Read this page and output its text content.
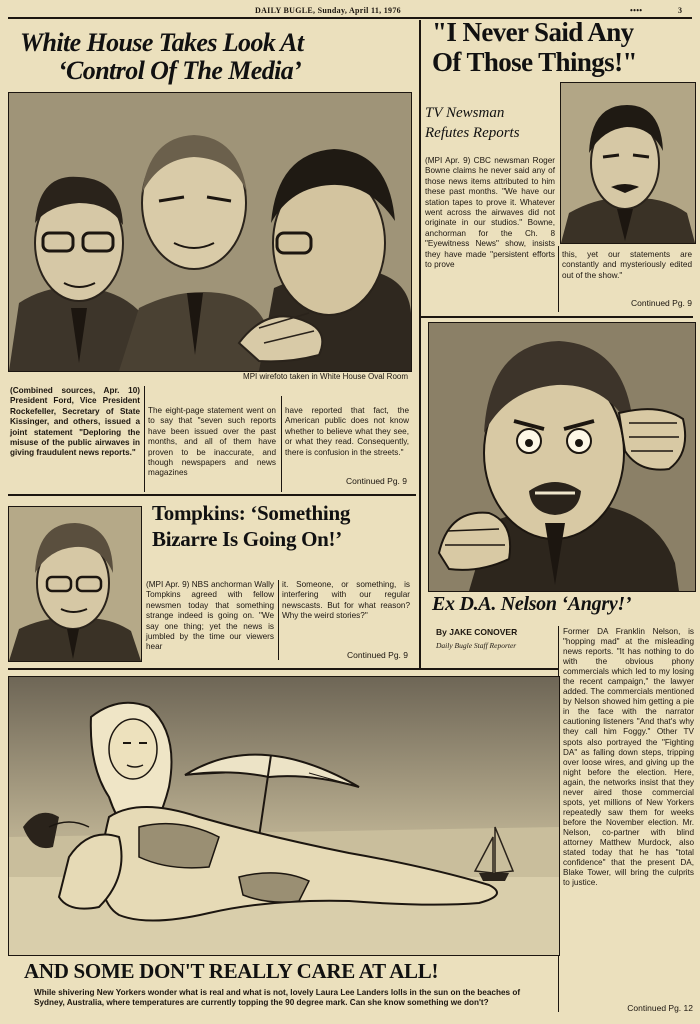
DAILY BUGLE, Sunday, April 11, 1976	••••	3
White House Takes Look At
‘Control Of The Media’
MPI wirefoto taken in White House Oval Room
(Combined sources, Apr. 10) President Ford, Vice President Rockefeller, Secretary of State Kissinger, and others, issued a joint statement "Deploring the misuse of the public airwaves in giving fraudulent news reports."
The eight-page statement went on to say that "seven such reports have been issued over the past months, and all of them have proven to be inaccurate, and though newspapers and news magazines
have reported that fact, the American public does not know whether to believe what they see, or what they read. Consequently, there is confusion in the streets."
Continued Pg. 9
"I Never Said Any
Of Those Things!"
TV Newsman
Refutes Reports
(MPI Apr. 9) CBC newsman Roger Bowne claims he never said any of those news items attributed to him these past months. "We have our station tapes to prove it. Whatever went across the airwaves did not originate in our studios." Bowne, anchorman for the Ch. 8 "Eyewitness News" show, insists they have made "persistent efforts to prove
this, yet our statements are constantly and mysteriously edited out of the show."
Continued Pg. 9
Ex D.A. Nelson ‘Angry!’
By JAKE CONOVER
Daily Bugle Staff Reporter
Former DA Franklin Nelson, is "hopping mad" at the misleading news reports. "It has nothing to do with the obvious phony commercials which led to my losing the recent campaign," the lawyer added. The commercials mentioned by Nelson showed him getting a pie in the face with the narrator cautioning listeners "And that's why they call him Foggy." Other TV spots also portrayed the "Fighting DA" as falling down steps, tripping over loose wires, and giving up the night before the election. Here, again, the networks insist that they never aired those commercial spots, yet millions of New Yorkers repeatedly saw them for weeks before the November election. Mr. Nelson, co-partner with blind attorney Matthew Murdock, also stated today that he has "total confidence" that the present DA, Blake Tower, will bring the culprits to justice.
Continued Pg. 12
Tompkins: ‘Something
Bizarre Is Going On!’
(MPI Apr. 9) NBS anchorman Wally Tompkins agreed with fellow newsmen today that something strange indeed is going on. "We say one thing; yet the news is jumbled by the time our viewers hear
it. Someone, or something, is interfering with our regular newscasts. But for what reason? Why the weird stories?"
Continued Pg. 9
AND SOME DON'T REALLY CARE AT ALL!
While shivering New Yorkers wonder what is real and what is not, lovely Laura Lee Landers lolls in the sun on the beaches of Sydney, Australia, where temperatures are currently topping the 90 degree mark. Can she know something we don't?
